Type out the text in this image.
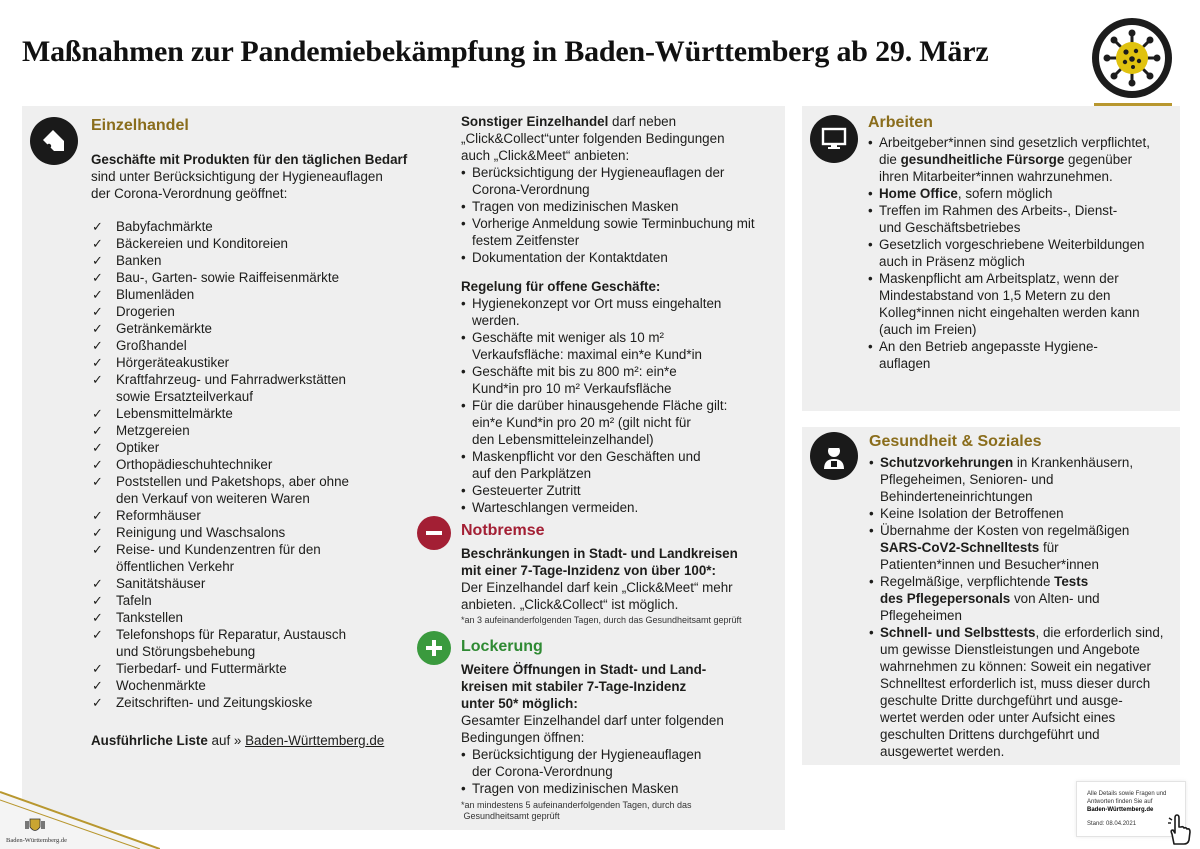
Maßnahmen zur Pandemiebekämpfung in Baden-Württemberg ab 29. März
Einzelhandel
Geschäfte mit Produkten für den täglichen Bedarf
sind unter Berücksichtigung der Hygieneauflagen
der Corona-Verordnung geöffnet:
✓ Babyfachmärkte
✓ Bäckereien und Konditoreien
✓ Banken
✓ Bau-, Garten- sowie Raiffeisenmärkte
✓ Blumenläden
✓ Drogerien
✓ Getränkemärkte
✓ Großhandel
✓ Hörgeräteakustiker
✓ Kraftfahrzeug- und Fahrradwerkstätten
sowie Ersatzteilverkauf
✓ Lebensmittelmärkte
✓ Metzgereien
✓ Optiker
✓ Orthopädieschuhtechniker
✓ Poststellen und Paketshops, aber ohne
den Verkauf von weiteren Waren
✓ Reformhäuser
✓ Reinigung und Waschsalons
✓ Reise- und Kundenzentren für den
öffentlichen Verkehr
✓ Sanitätshäuser
✓ Tafeln
✓ Tankstellen
✓ Telefonshops für Reparatur, Austausch
und Störungsbehebung
✓ Tierbedarf- und Futtermärkte
✓ Wochenmärkte
✓ Zeitschriften- und Zeitungskioske
Ausführliche Liste auf » Baden-Württemberg.de
Sonstiger Einzelhandel darf neben
„Click&Collect“unter folgenden Bedingungen
auch „Click&Meet“ anbieten:
• Berücksichtigung der Hygieneauflagen der
Corona-Verordnung
• Tragen von medizinischen Masken
• Vorherige Anmeldung sowie Terminbuchung mit
festem Zeitfenster
• Dokumentation der Kontaktdaten
Regelung für offene Geschäfte:
• Hygienekonzept vor Ort muss eingehalten
werden.
• Geschäfte mit weniger als 10 m²
Verkaufsfläche: maximal ein*e Kund*in
• Geschäfte mit bis zu 800 m²: ein*e
Kund*in pro 10 m² Verkaufsfläche
• Für die darüber hinausgehende Fläche gilt:
ein*e Kund*in pro 20 m² (gilt nicht für
den Lebensmitteleinzelhandel)
• Maskenpflicht vor den Geschäften und
auf den Parkplätzen
• Gesteuerter Zutritt
• Warteschlangen vermeiden.
Notbremse
Beschränkungen in Stadt- und Landkreisen
mit einer 7-Tage-Inzidenz von über 100*:
Der Einzelhandel darf kein „Click&Meet“ mehr
anbieten. „Click&Collect“ ist möglich.
*an 3 aufeinanderfolgenden Tagen, durch das Gesundheitsamt geprüft
Lockerung
Weitere Öffnungen in Stadt- und Land-
kreisen mit stabiler 7-Tage-Inzidenz
unter 50* möglich:
Gesamter Einzelhandel darf unter folgenden
Bedingungen öffnen:
• Berücksichtigung der Hygieneauflagen
der Corona-Verordnung
• Tragen von medizinischen Masken
*an mindestens 5 aufeinanderfolgenden Tagen, durch das
Gesundheitsamt geprüft
Arbeiten
• Arbeitgeber*innen sind gesetzlich verpflichtet,
die gesundheitliche Fürsorge gegenüber
ihren Mitarbeiter*innen wahrzunehmen.
• Home Office, sofern möglich
• Treffen im Rahmen des Arbeits-, Dienst-
und Geschäftsbetriebes
• Gesetzlich vorgeschriebene Weiterbildungen
auch in Präsenz möglich
• Maskenpflicht am Arbeitsplatz, wenn der
Mindestabstand von 1,5 Metern zu den
Kolleg*innen nicht eingehalten werden kann
(auch im Freien)
• An den Betrieb angepasste Hygiene-
auflagen
Gesundheit & Soziales
• Schutzvorkehrungen in Krankenhäusern,
Pflegeheimen, Senioren- und
Behinderteneinrichtungen
• Keine Isolation der Betroffenen
• Übernahme der Kosten von regelmäßigen
SARS-CoV2-Schnelltests für
Patienten*innen und Besucher*innen
• Regelmäßige, verpflichtende Tests
des Pflegepersonals von Alten- und
Pflegeheimen
• Schnell- und Selbsttests, die erforderlich sind,
um gewisse Dienstleistungen und Angebote
wahrnehmen zu können: Soweit ein negativer
Schnelltest erforderlich ist, muss dieser durch
geschulte Dritte durchgeführt und ausge-
wertet werden oder unter Aufsicht eines
geschulten Drittens durchgeführt und
ausgewertet werden.
Baden-Württemberg.de
Alle Details sowie Fragen und
Antworten finden Sie auf
Baden-Württemberg.de
Stand: 08.04.2021
